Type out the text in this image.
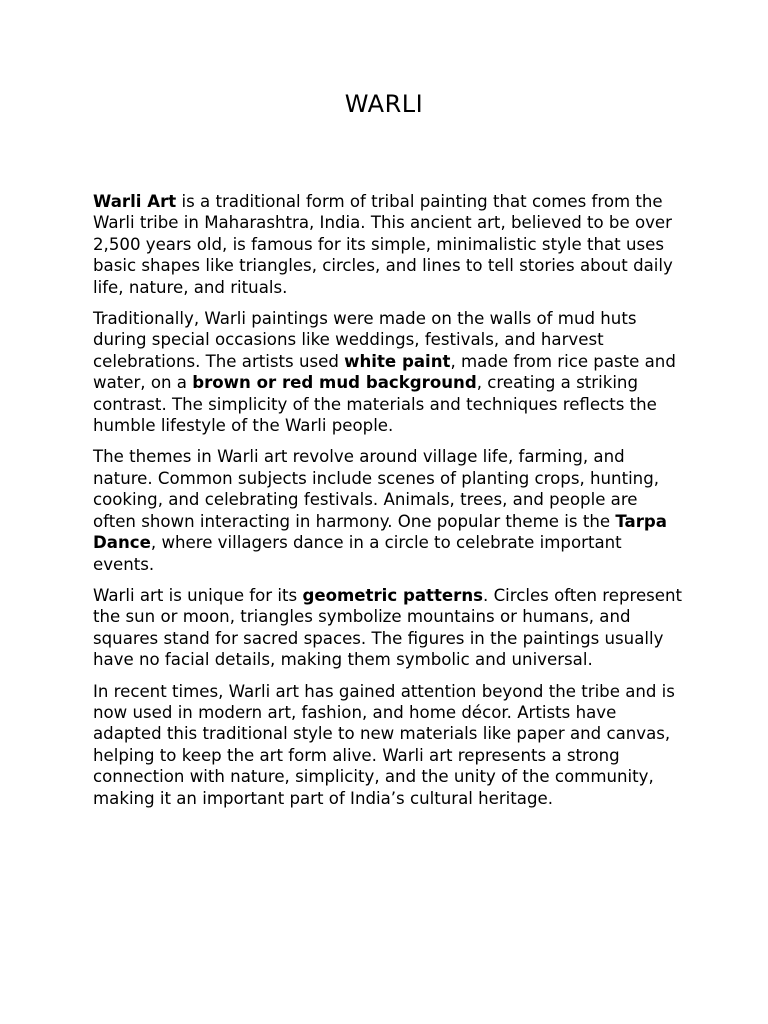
WARLI

Warli Art is a traditional form of tribal painting that comes from the Warli tribe in Maharashtra, India. This ancient art, believed to be over 2,500 years old, is famous for its simple, minimalistic style that uses basic shapes like triangles, circles, and lines to tell stories about daily life, nature, and rituals.

Traditionally, Warli paintings were made on the walls of mud huts during special occasions like weddings, festivals, and harvest celebrations. The artists used white paint, made from rice paste and water, on a brown or red mud background, creating a striking contrast. The simplicity of the materials and techniques reflects the humble lifestyle of the Warli people.

The themes in Warli art revolve around village life, farming, and nature. Common subjects include scenes of planting crops, hunting, cooking, and celebrating festivals. Animals, trees, and people are often shown interacting in harmony. One popular theme is the Tarpa Dance, where villagers dance in a circle to celebrate important events.

Warli art is unique for its geometric patterns. Circles often represent the sun or moon, triangles symbolize mountains or humans, and squares stand for sacred spaces. The figures in the paintings usually have no facial details, making them symbolic and universal.

In recent times, Warli art has gained attention beyond the tribe and is now used in modern art, fashion, and home décor. Artists have adapted this traditional style to new materials like paper and canvas, helping to keep the art form alive. Warli art represents a strong connection with nature, simplicity, and the unity of the community, making it an important part of India’s cultural heritage.
